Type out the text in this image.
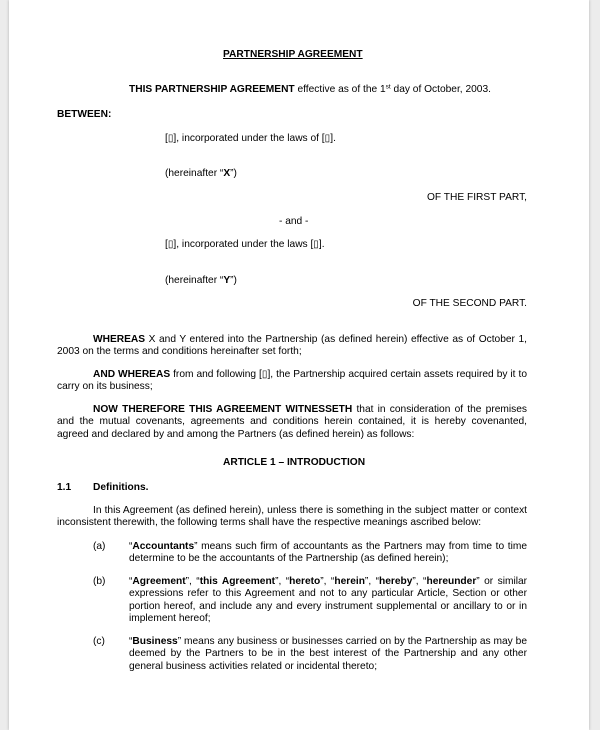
PARTNERSHIP AGREEMENT
THIS PARTNERSHIP AGREEMENT effective as of the 1st day of October, 2003.
BETWEEN:
[▯], incorporated under the laws of [▯].
(hereinafter “X”)
OF THE FIRST PART,
- and -
[▯], incorporated under the laws [▯].
(hereinafter “Y”)
OF THE SECOND PART.
WHEREAS X and Y entered into the Partnership (as defined herein) effective as of October 1, 2003 on the terms and conditions hereinafter set forth;
AND WHEREAS from and following [▯], the Partnership acquired certain assets required by it to carry on its business;
NOW THEREFORE THIS AGREEMENT WITNESSETH that in consideration of the premises and the mutual covenants, agreements and conditions herein contained, it is hereby covenanted, agreed and declared by and among the Partners (as defined herein) as follows:
ARTICLE 1 – INTRODUCTION
1.1 Definitions.
In this Agreement (as defined herein), unless there is something in the subject matter or context inconsistent therewith, the following terms shall have the respective meanings ascribed below:
(a) “Accountants” means such firm of accountants as the Partners may from time to time determine to be the accountants of the Partnership (as defined herein);
(b) “Agreement”, “this Agreement”, “hereto”, “herein”, “hereby”, “hereunder” or similar expressions refer to this Agreement and not to any particular Article, Section or other portion hereof, and include any and every instrument supplemental or ancillary to or in implement hereof;
(c) “Business” means any business or businesses carried on by the Partnership as may be deemed by the Partners to be in the best interest of the Partnership and any other general business activities related or incidental thereto;
